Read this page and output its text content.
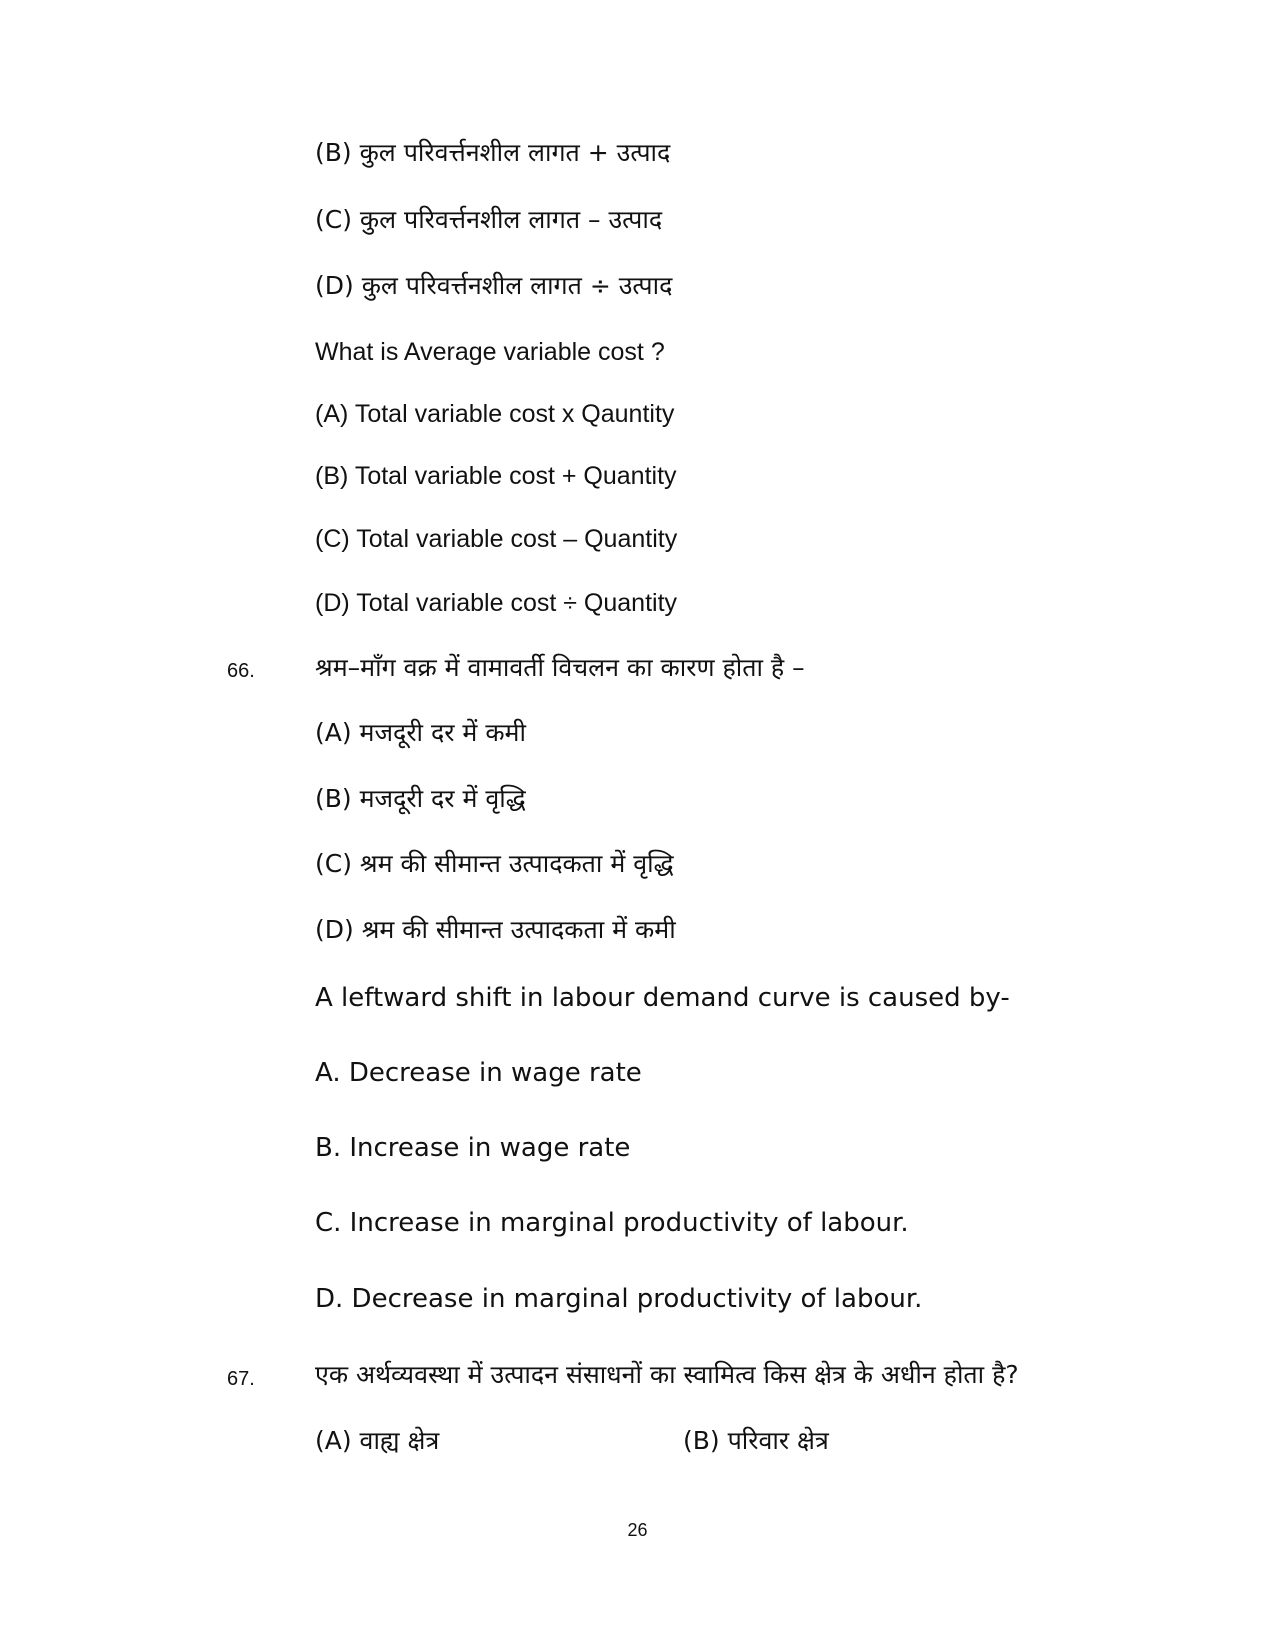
(B) कुल परिवर्त्तनशील लागत + उत्पाद
(C) कुल परिवर्त्तनशील लागत – उत्पाद
(D) कुल परिवर्त्तनशील लागत ÷ उत्पाद
What is Average variable cost ?
(A) Total variable cost x Qauntity
(B) Total variable cost + Quantity
(C) Total variable cost – Quantity
(D) Total variable cost ÷ Quantity
66. श्रम–माँग वक्र में वामावर्ती विचलन का कारण होता है –
(A) मजदूरी दर में कमी
(B) मजदूरी दर में वृद्धि
(C) श्रम की सीमान्त उत्पादकता में वृद्धि
(D) श्रम की सीमान्त उत्पादकता में कमी
A leftward shift in labour demand curve is caused by-
A. Decrease in wage rate
B. Increase in wage rate
C. Increase in marginal productivity of labour.
D. Decrease in marginal productivity of labour.
67. एक अर्थव्यवस्था में उत्पादन संसाधनों का स्वामित्व किस क्षेत्र के अधीन होता है?
(A) वाह्य क्षेत्र	(B) परिवार क्षेत्र
26
